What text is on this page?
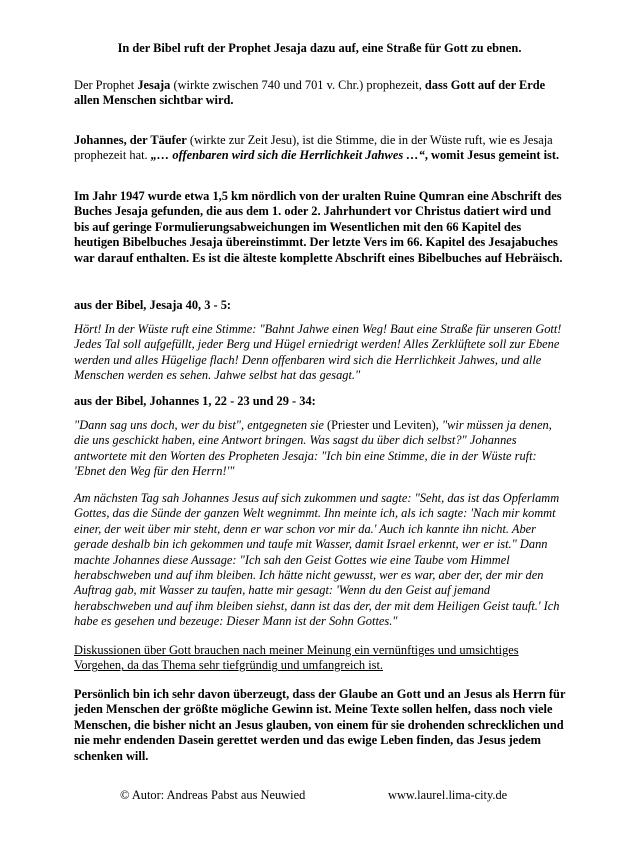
In der Bibel ruft der Prophet Jesaja dazu auf, eine Straße für Gott zu ebnen.
Der Prophet Jesaja (wirkte zwischen 740 und 701 v. Chr.) prophezeit, dass Gott auf der Erde allen Menschen sichtbar wird.
Johannes, der Täufer (wirkte zur Zeit Jesu), ist die Stimme, die in der Wüste ruft, wie es Jesaja prophezeit hat. „… offenbaren wird sich die Herrlichkeit Jahwes …“, womit Jesus gemeint ist.
Im Jahr 1947 wurde etwa 1,5 km nördlich von der uralten Ruine Qumran eine Abschrift des Buches Jesaja gefunden, die aus dem 1. oder 2. Jahrhundert vor Christus datiert wird und bis auf geringe Formulierungsabweichungen im Wesentlichen mit den 66 Kapitel des heutigen Bibelbuches Jesaja übereinstimmt. Der letzte Vers im 66. Kapitel des Jesajabuches war darauf enthalten. Es ist die älteste komplette Abschrift eines Bibelbuches auf Hebräisch.
aus der Bibel, Jesaja 40, 3 - 5:
Hört! In der Wüste ruft eine Stimme: "Bahnt Jahwe einen Weg! Baut eine Straße für unseren Gott! Jedes Tal soll aufgefüllt, jeder Berg und Hügel erniedrigt werden! Alles Zerklüftete soll zur Ebene werden und alles Hügelige flach! Denn offenbaren wird sich die Herrlichkeit Jahwes, und alle Menschen werden es sehen. Jahwe selbst hat das gesagt."
aus der Bibel, Johannes 1, 22 - 23 und 29 - 34:
"Dann sag uns doch, wer du bist", entgegneten sie (Priester und Leviten), "wir müssen ja denen, die uns geschickt haben, eine Antwort bringen. Was sagst du über dich selbst?" Johannes antwortete mit den Worten des Propheten Jesaja: "Ich bin eine Stimme, die in der Wüste ruft: 'Ebnet den Weg für den Herrn!'"
Am nächsten Tag sah Johannes Jesus auf sich zukommen und sagte: "Seht, das ist das Opferlamm Gottes, das die Sünde der ganzen Welt wegnimmt. Ihn meinte ich, als ich sagte: 'Nach mir kommt einer, der weit über mir steht, denn er war schon vor mir da.' Auch ich kannte ihn nicht. Aber gerade deshalb bin ich gekommen und taufe mit Wasser, damit Israel erkennt, wer er ist." Dann machte Johannes diese Aussage: "Ich sah den Geist Gottes wie eine Taube vom Himmel herabschweben und auf ihm bleiben. Ich hätte nicht gewusst, wer es war, aber der, der mir den Auftrag gab, mit Wasser zu taufen, hatte mir gesagt: 'Wenn du den Geist auf jemand herabschweben und auf ihm bleiben siehst, dann ist das der, der mit dem Heiligen Geist tauft.' Ich habe es gesehen und bezeuge: Dieser Mann ist der Sohn Gottes."
Diskussionen über Gott brauchen nach meiner Meinung ein vernünftiges und umsichtiges Vorgehen, da das Thema sehr tiefgründig und umfangreich ist.
Persönlich bin ich sehr davon überzeugt, dass der Glaube an Gott und an Jesus als Herrn für jeden Menschen der größte mögliche Gewinn ist. Meine Texte sollen helfen, dass noch viele Menschen, die bisher nicht an Jesus glauben, von einem für sie drohenden schrecklichen und nie mehr endenden Dasein gerettet werden und das ewige Leben finden, das Jesus jedem schenken will.
© Autor: Andreas Pabst aus Neuwied	www.laurel.lima-city.de
